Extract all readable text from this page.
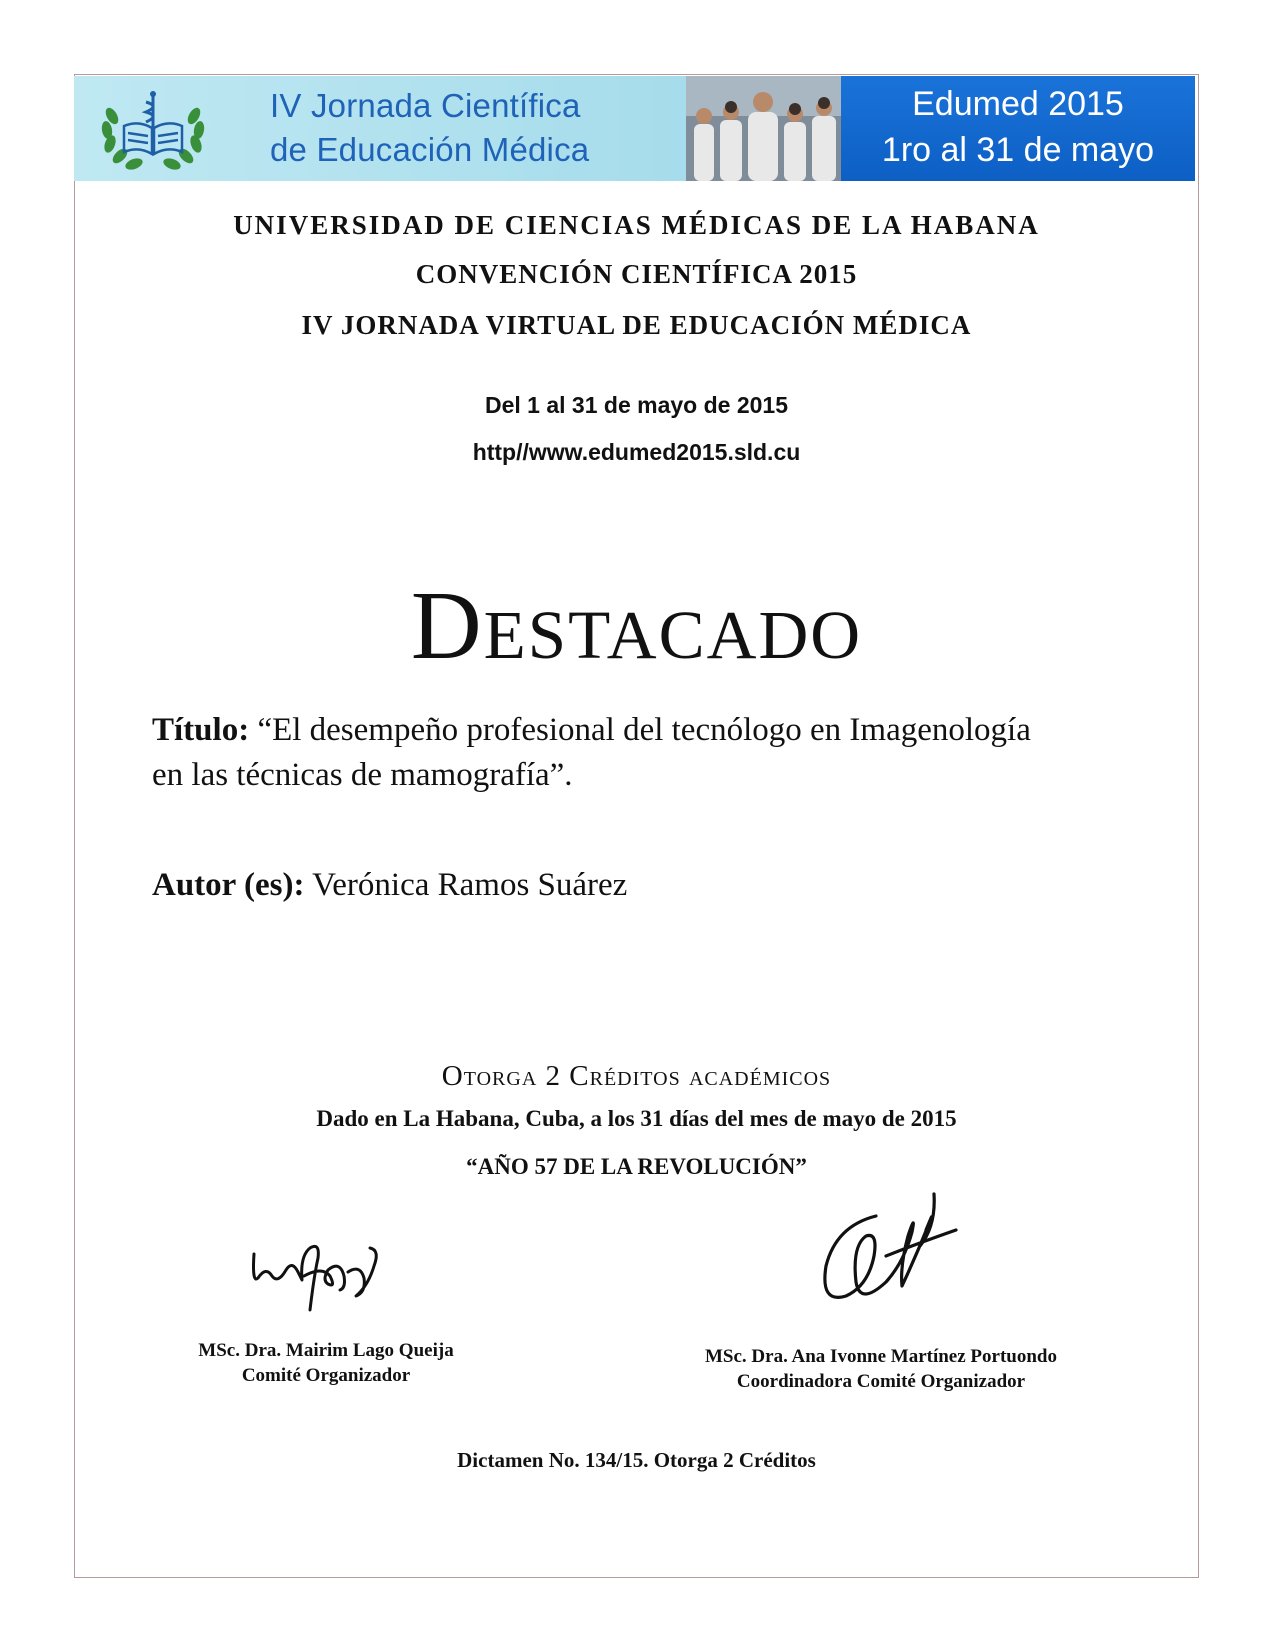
IV Jornada Científica
de Educación Médica
Edumed 2015
1ro al 31 de mayo
UNIVERSIDAD DE CIENCIAS MÉDICAS DE LA HABANA
CONVENCIÓN CIENTÍFICA 2015
IV JORNADA VIRTUAL DE EDUCACIÓN MÉDICA
Del 1 al 31 de mayo de 2015
http//www.edumed2015.sld.cu
Destacado
Título: “El desempeño profesional del tecnólogo en Imagenología
en las técnicas de mamografía”.
Autor (es): Verónica Ramos Suárez
Otorga 2 Créditos académicos
Dado en La Habana, Cuba, a los 31 días del mes de mayo de 2015
“AÑO 57 DE LA REVOLUCIÓN”
MSc. Dra. Mairim Lago Queija
Comité Organizador
MSc. Dra. Ana Ivonne Martínez Portuondo
Coordinadora Comité Organizador
Dictamen No. 134/15. Otorga 2 Créditos
